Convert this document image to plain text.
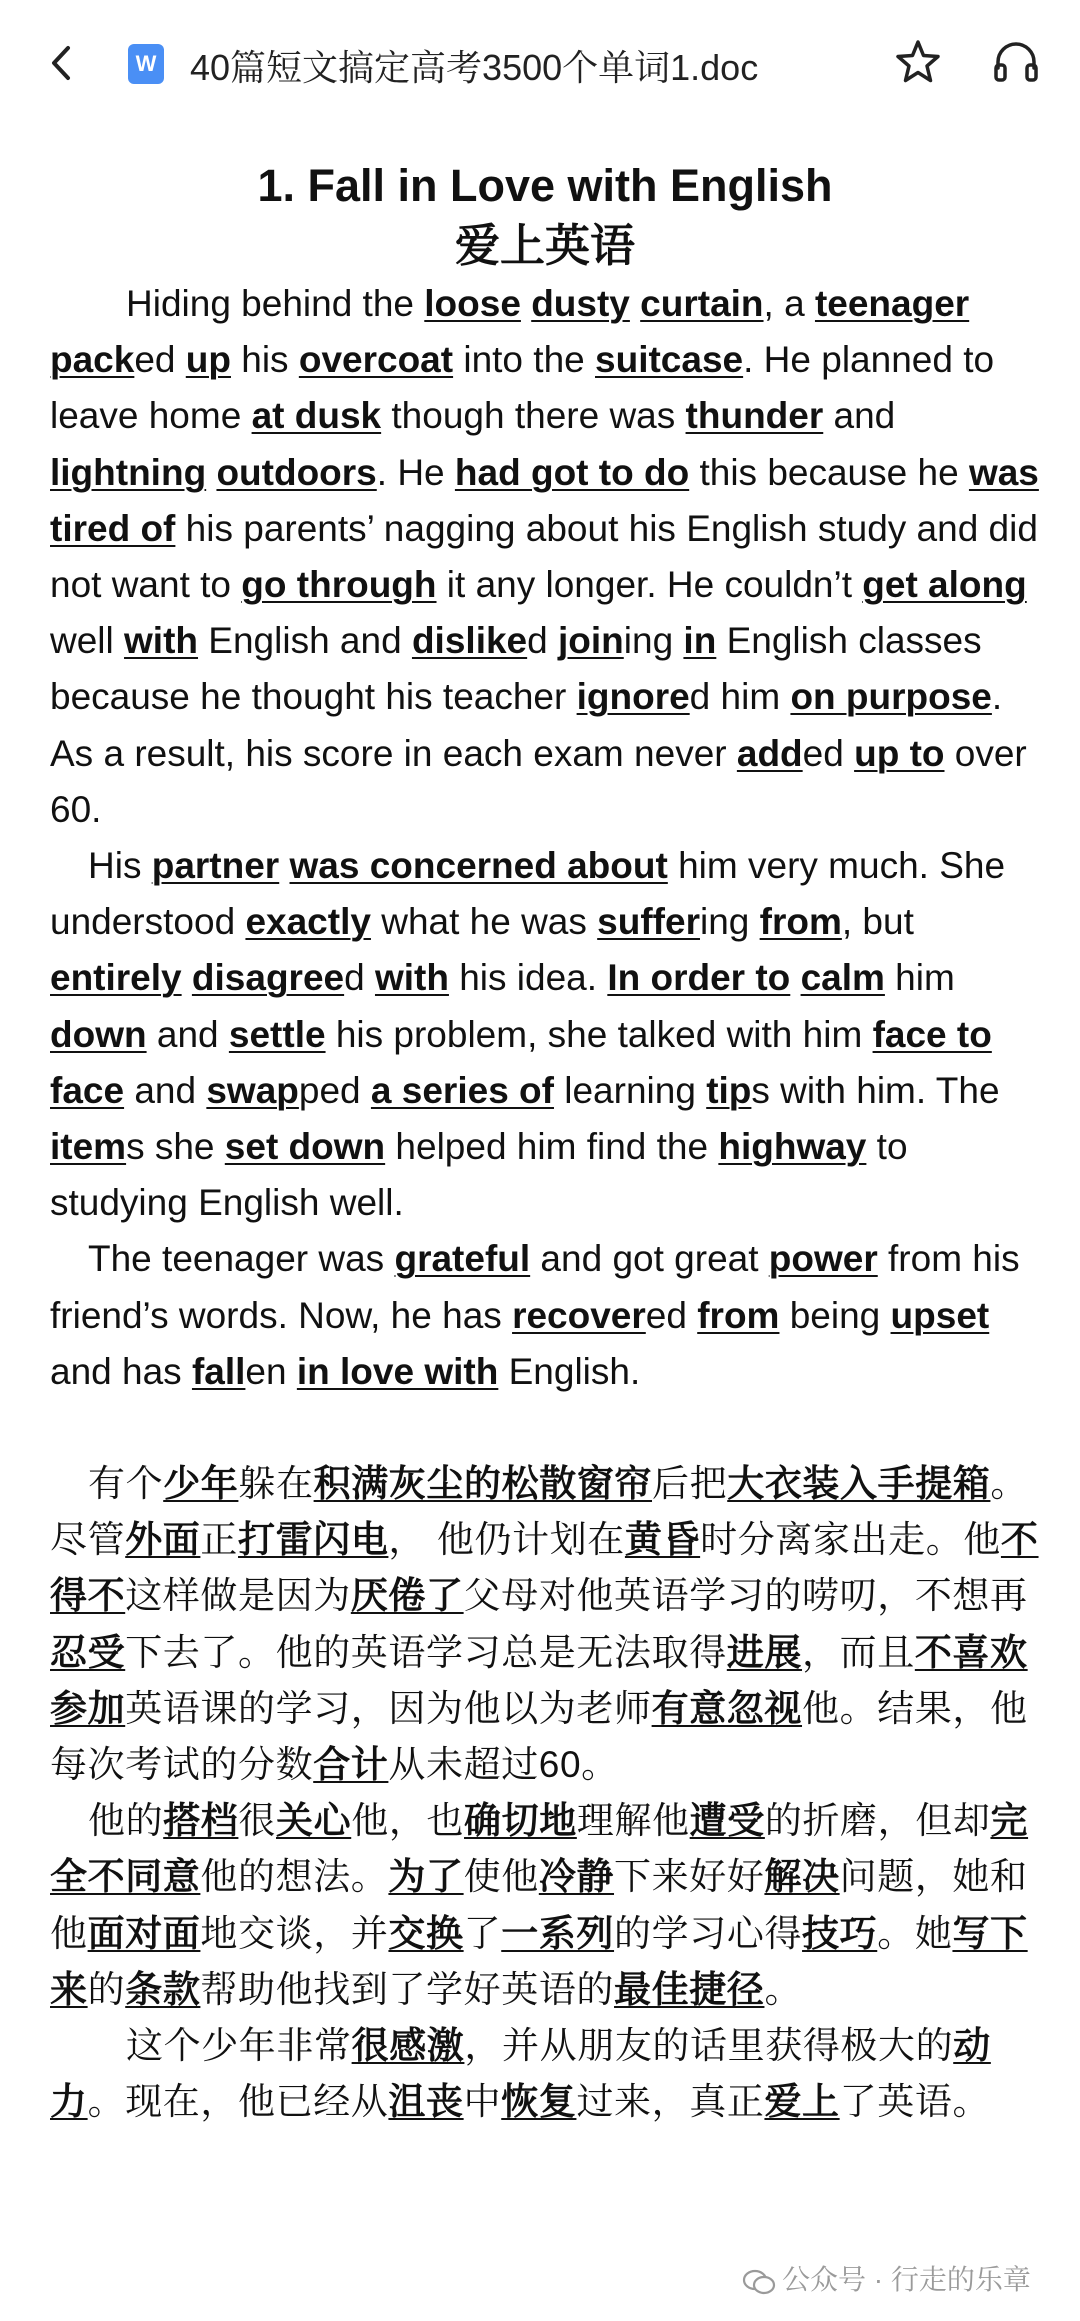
W 40篇短文搞定高考3500个单词1.doc
1. Fall in Love with English
爱上英语

Hiding behind the loose dusty curtain, a teenager packed up his overcoat into the suitcase. He planned to leave home at dusk though there was thunder and lightning outdoors. He had got to do this because he was tired of his parents’ nagging about his English study and did not want to go through it any longer. He couldn’t get along well with English and disliked joining in English classes because he thought his teacher ignored him on purpose. As a result, his score in each exam never added up to over 60.

His partner was concerned about him very much. She understood exactly what he was suffering from, but entirely disagreed with his idea. In order to calm him down and settle his problem, she talked with him face to face and swapped a series of learning tips with him. The items she set down helped him find the highway to studying English well.

The teenager was grateful and got great power from his friend’s words. Now, he has recovered from being upset and has fallen in love with English.

有个少年躲在积满灰尘的松散窗帘后把大衣装入手提箱。尽管外面正打雷闪电， 他仍计划在黄昏时分离家出走。他不得不这样做是因为厌倦了父母对他英语学习的唠叨，不想再忍受下去了。他的英语学习总是无法取得进展，而且不喜欢参加英语课的学习，因为他以为老师有意忽视他。结果，他每次考试的分数合计从未超过60。

他的搭档很关心他，也确切地理解他遭受的折磨，但却完全不同意他的想法。为了使他冷静下来好好解决问题，她和他面对面地交谈，并交换了一系列的学习心得技巧。她写下来的条款帮助他找到了学好英语的最佳捷径。

这个少年非常很感激，并从朋友的话里获得极大的动力。现在，他已经从沮丧中恢复过来，真正爱上了英语。

公众号 · 行走的乐章
